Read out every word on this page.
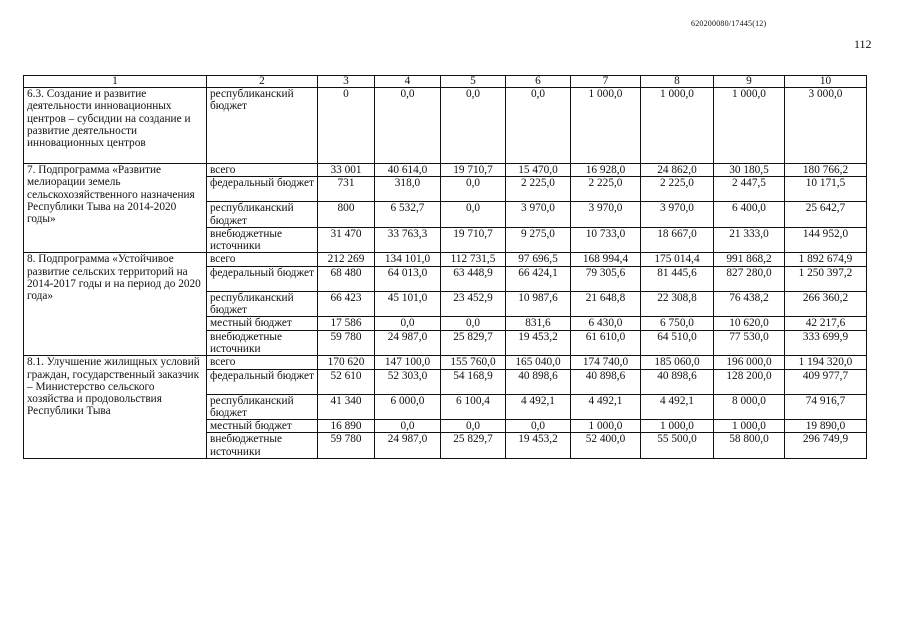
620200080/17445(12)
112
1	2	3	4	5	6	7	8	9	10
6.3. Создание и развитие деятельности инновационных центров – субсидии на создание и развитие деятельности инновационных центров	республиканский бюджет	0	0,0	0,0	0,0	1 000,0	1 000,0	1 000,0	3 000,0
7. Подпрограмма «Развитие мелиорации земель сельскохозяйственного назначения Республики Тыва на 2014-2020 годы»	всего	33 001	40 614,0	19 710,7	15 470,0	16 928,0	24 862,0	30 180,5	180 766,2
	федеральный бюджет	731	318,0	0,0	2 225,0	2 225,0	2 225,0	2 447,5	10 171,5
	республиканский бюджет	800	6 532,7	0,0	3 970,0	3 970,0	3 970,0	6 400,0	25 642,7
	внебюджетные источники	31 470	33 763,3	19 710,7	9 275,0	10 733,0	18 667,0	21 333,0	144 952,0
8. Подпрограмма «Устойчивое развитие сельских территорий на 2014-2017 годы и на период до 2020 года»	всего	212 269	134 101,0	112 731,5	97 696,5	168 994,4	175 014,4	991 868,2	1 892 674,9
	федеральный бюджет	68 480	64 013,0	63 448,9	66 424,1	79 305,6	81 445,6	827 280,0	1 250 397,2
	республиканский бюджет	66 423	45 101,0	23 452,9	10 987,6	21 648,8	22 308,8	76 438,2	266 360,2
	местный бюджет	17 586	0,0	0,0	831,6	6 430,0	6 750,0	10 620,0	42 217,6
	внебюджетные источники	59 780	24 987,0	25 829,7	19 453,2	61 610,0	64 510,0	77 530,0	333 699,9
8.1. Улучшение жилищных условий граждан, государственный заказчик – Министерство сельского хозяйства и продовольствия Республики Тыва	всего	170 620	147 100,0	155 760,0	165 040,0	174 740,0	185 060,0	196 000,0	1 194 320,0
	федеральный бюджет	52 610	52 303,0	54 168,9	40 898,6	40 898,6	40 898,6	128 200,0	409 977,7
	республиканский бюджет	41 340	6 000,0	6 100,4	4 492,1	4 492,1	4 492,1	8 000,0	74 916,7
	местный бюджет	16 890	0,0	0,0	0,0	1 000,0	1 000,0	1 000,0	19 890,0
	внебюджетные источники	59 780	24 987,0	25 829,7	19 453,2	52 400,0	55 500,0	58 800,0	296 749,9
